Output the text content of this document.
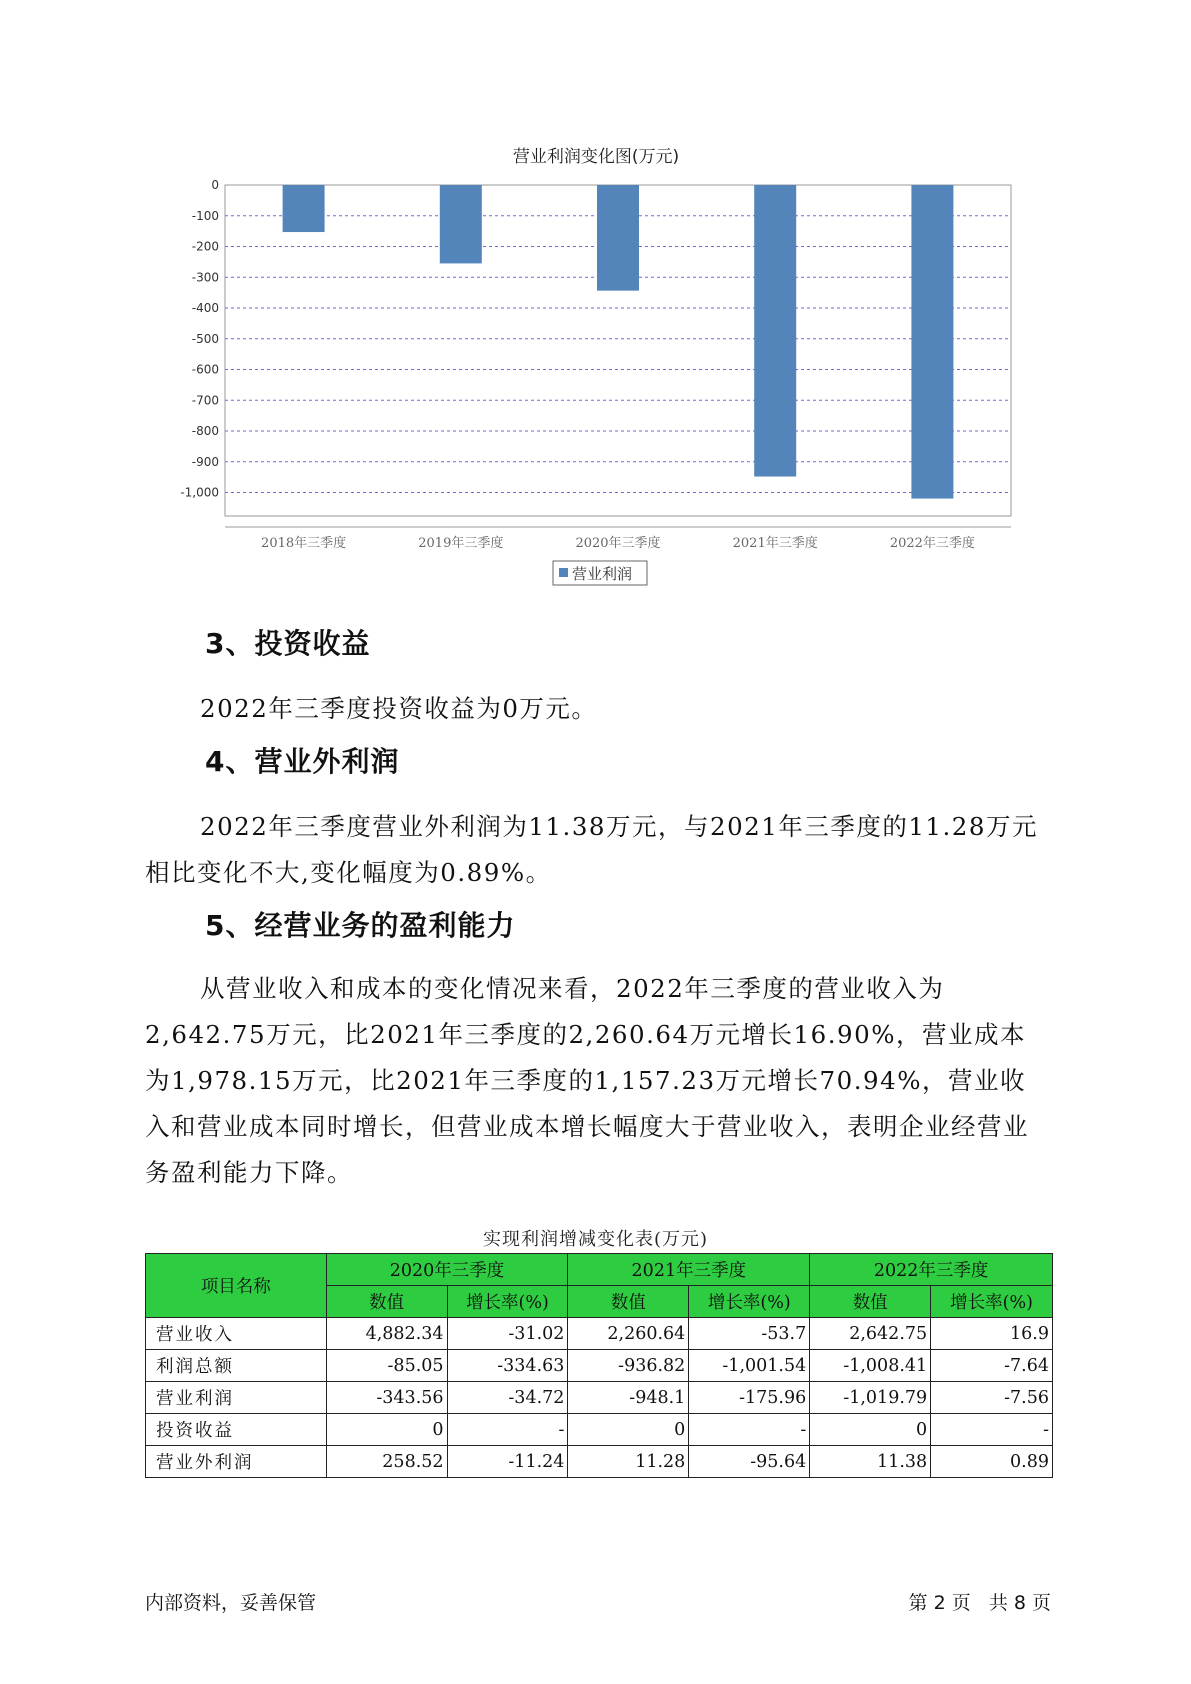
营业利润变化图(万元)
0
-100
-200
-300
-400
-500
-600
-700
-800
-900
-1,000
2018年三季度	2019年三季度	2020年三季度	2021年三季度	2022年三季度
营业利润
3、投资收益

2022年三季度投资收益为0万元。

4、营业外利润

2022年三季度营业外利润为11.38万元，与2021年三季度的11.28万元相比变化不大,变化幅度为0.89%。

5、经营业务的盈利能力

从营业收入和成本的变化情况来看，2022年三季度的营业收入为2,642.75万元，比2021年三季度的2,260.64万元增长16.90%，营业成本为1,978.15万元，比2021年三季度的1,157.23万元增长70.94%，营业收入和营业成本同时增长，但营业成本增长幅度大于营业收入，表明企业经营业务盈利能力下降。

实现利润增减变化表(万元)

项目名称	2020年三季度		2021年三季度		2022年三季度	
	数值	增长率(%)	数值	增长率(%)	数值	增长率(%)
营业收入	4,882.34	-31.02	2,260.64	-53.7	2,642.75	16.9
利润总额	-85.05	-334.63	-936.82	-1,001.54	-1,008.41	-7.64
营业利润	-343.56	-34.72	-948.1	-175.96	-1,019.79	-7.56
投资收益	0	-	0	-	0	-
营业外利润	258.52	-11.24	11.28	-95.64	11.38	0.89

内部资料，妥善保管	第 2 页   共 8 页
